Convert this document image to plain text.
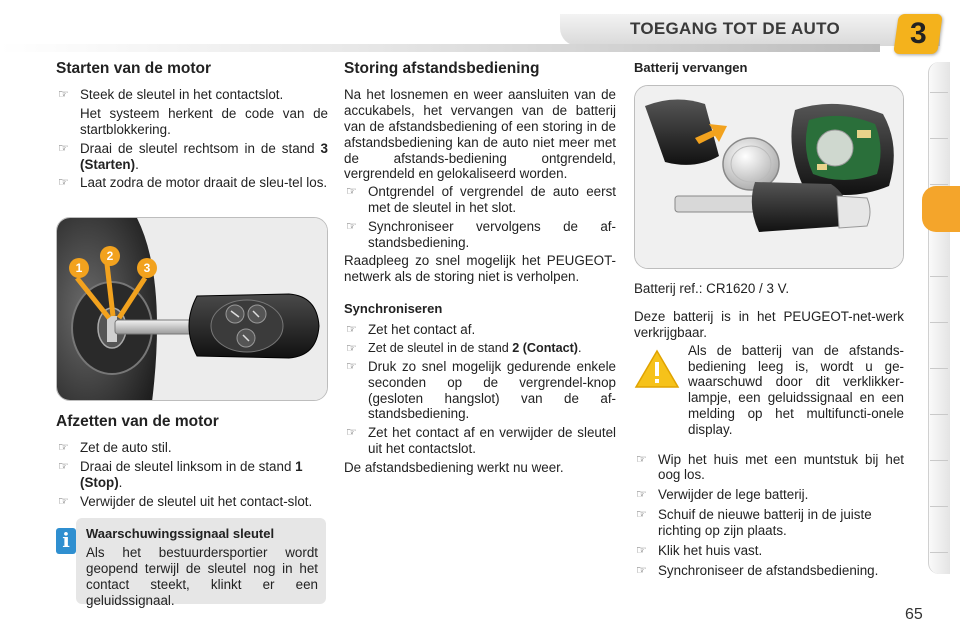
TOEGANG TOT DE AUTO 3
Starten van de motor
☞ Steek de sleutel in het contactslot.
Het systeem herkent de code van de startblokkering.
☞ Draai de sleutel rechtsom in de stand 3 (Starten).
☞ Laat zodra de motor draait de sleu-tel los.
1
2
3
Afzetten van de motor
☞ Zet de auto stil.
☞ Draai de sleutel linksom in de stand 1 (Stop).
☞ Verwijder de sleutel uit het contact-slot.
i	Waarschuwingssignaal sleutel
Als het bestuurdersportier wordt geopend terwijl de sleutel nog in het contact steekt, klinkt er een geluidssignaal.
Storing afstandsbediening

Na het losnemen en weer aansluiten van de accukabels, het vervangen van de batterij van de afstandsbediening of een storing in de afstandsbediening kan de auto niet meer met de afstands-bediening ontgrendeld, vergrendeld en gelokaliseerd worden.

☞ Ontgrendel of vergrendel de auto eerst met de sleutel in het slot.
☞ Synchroniseer vervolgens de af-standsbediening.

Raadpleeg zo snel mogelijk het PEUGEOT-netwerk als de storing niet is verholpen.

Synchroniseren
☞ Zet het contact af.
☞ Zet de sleutel in de stand 2 (Contact).
☞ Druk zo snel mogelijk gedurende enkele seconden op de vergrendel-knop (gesloten hangslot) van de af-standsbediening.
☞ Zet het contact af en verwijder de sleutel uit het contactslot.

De afstandsbediening werkt nu weer.

Batterij vervangen

Batterij ref.: CR1620 / 3 V.

Deze batterij is in het PEUGEOT-net-werk verkrijgbaar.

Als de batterij van de afstands-bediening leeg is, wordt u ge-waarschuwd door dit verklikker-lampje, een geluidssignaal en een melding op het multifuncti-onele display.

☞ Wip het huis met een muntstuk bij het oog los.
☞ Verwijder de lege batterij.
☞ Schuif de nieuwe batterij in de juiste richting op zijn plaats.
☞ Klik het huis vast.
☞ Synchroniseer de afstandsbediening.
65
